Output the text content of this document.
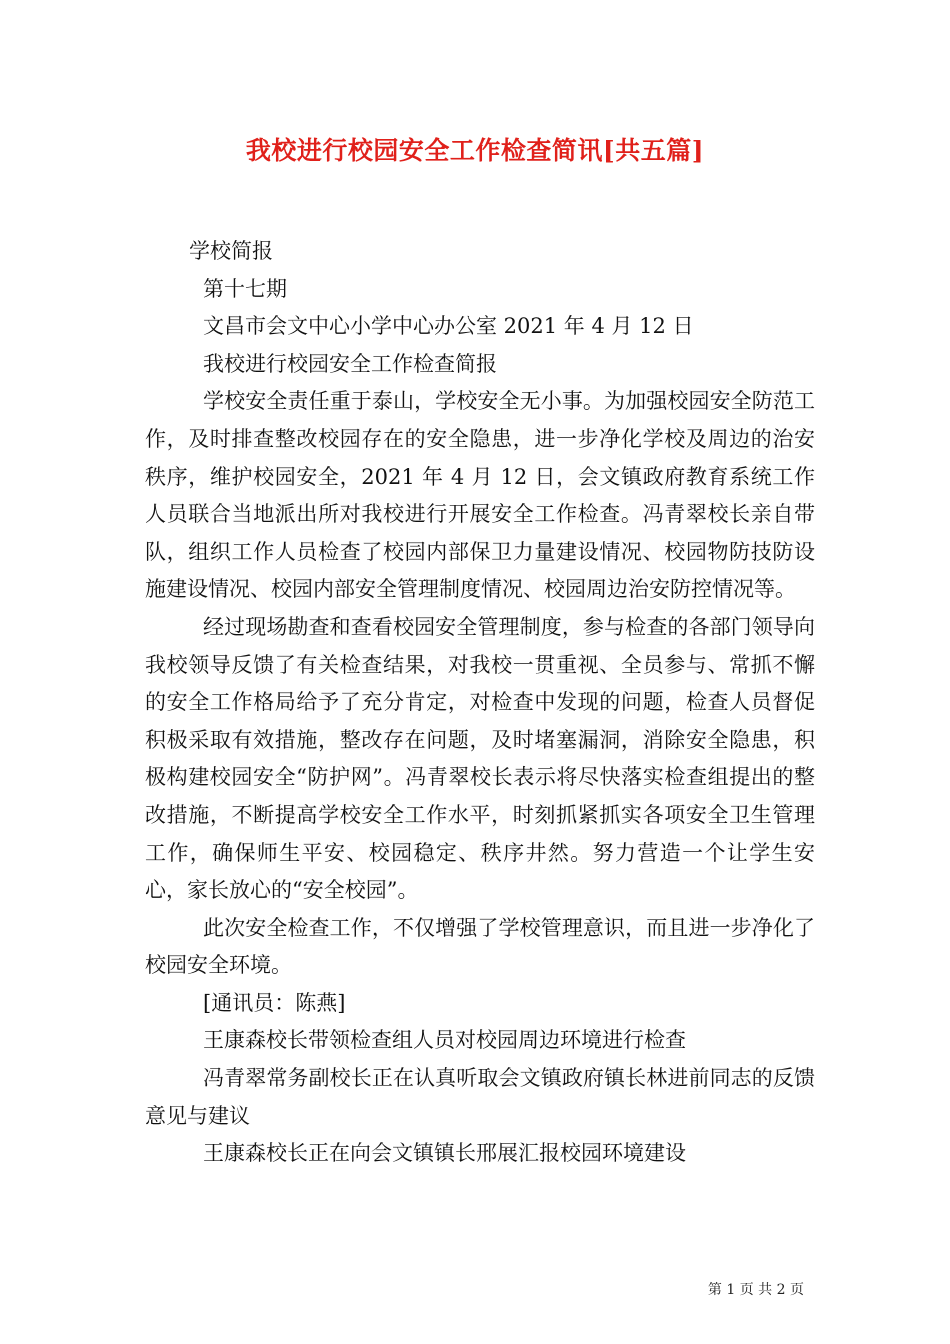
我校进行校园安全工作检查简讯[共五篇]

学校简报

第十七期

文昌市会文中心小学中心办公室 2021 年 4 月 12 日

我校进行校园安全工作检查简报

学校安全责任重于泰山，学校安全无小事。为加强校园安全防范工作，及时排查整改校园存在的安全隐患，进一步净化学校及周边的治安秩序，维护校园安全，2021 年 4 月 12 日，会文镇政府教育系统工作人员联合当地派出所对我校进行开展安全工作检查。冯青翠校长亲自带队，组织工作人员检查了校园内部保卫力量建设情况、校园物防技防设施建设情况、校园内部安全管理制度情况、校园周边治安防控情况等。

经过现场勘查和查看校园安全管理制度，参与检查的各部门领导向我校领导反馈了有关检查结果，对我校一贯重视、全员参与、常抓不懈的安全工作格局给予了充分肯定，对检查中发现的问题，检查人员督促积极采取有效措施，整改存在问题，及时堵塞漏洞，消除安全隐患，积极构建校园安全“防护网”。冯青翠校长表示将尽快落实检查组提出的整改措施，不断提高学校安全工作水平，时刻抓紧抓实各项安全卫生管理工作，确保师生平安、校园稳定、秩序井然。努力营造一个让学生安心，家长放心的“安全校园”。

此次安全检查工作，不仅增强了学校管理意识，而且进一步净化了校园安全环境。

[通讯员：陈燕]

王康森校长带领检查组人员对校园周边环境进行检查

冯青翠常务副校长正在认真听取会文镇政府镇长林进前同志的反馈意见与建议

王康森校长正在向会文镇镇长邢展汇报校园环境建设

第 1 页 共 2 页
